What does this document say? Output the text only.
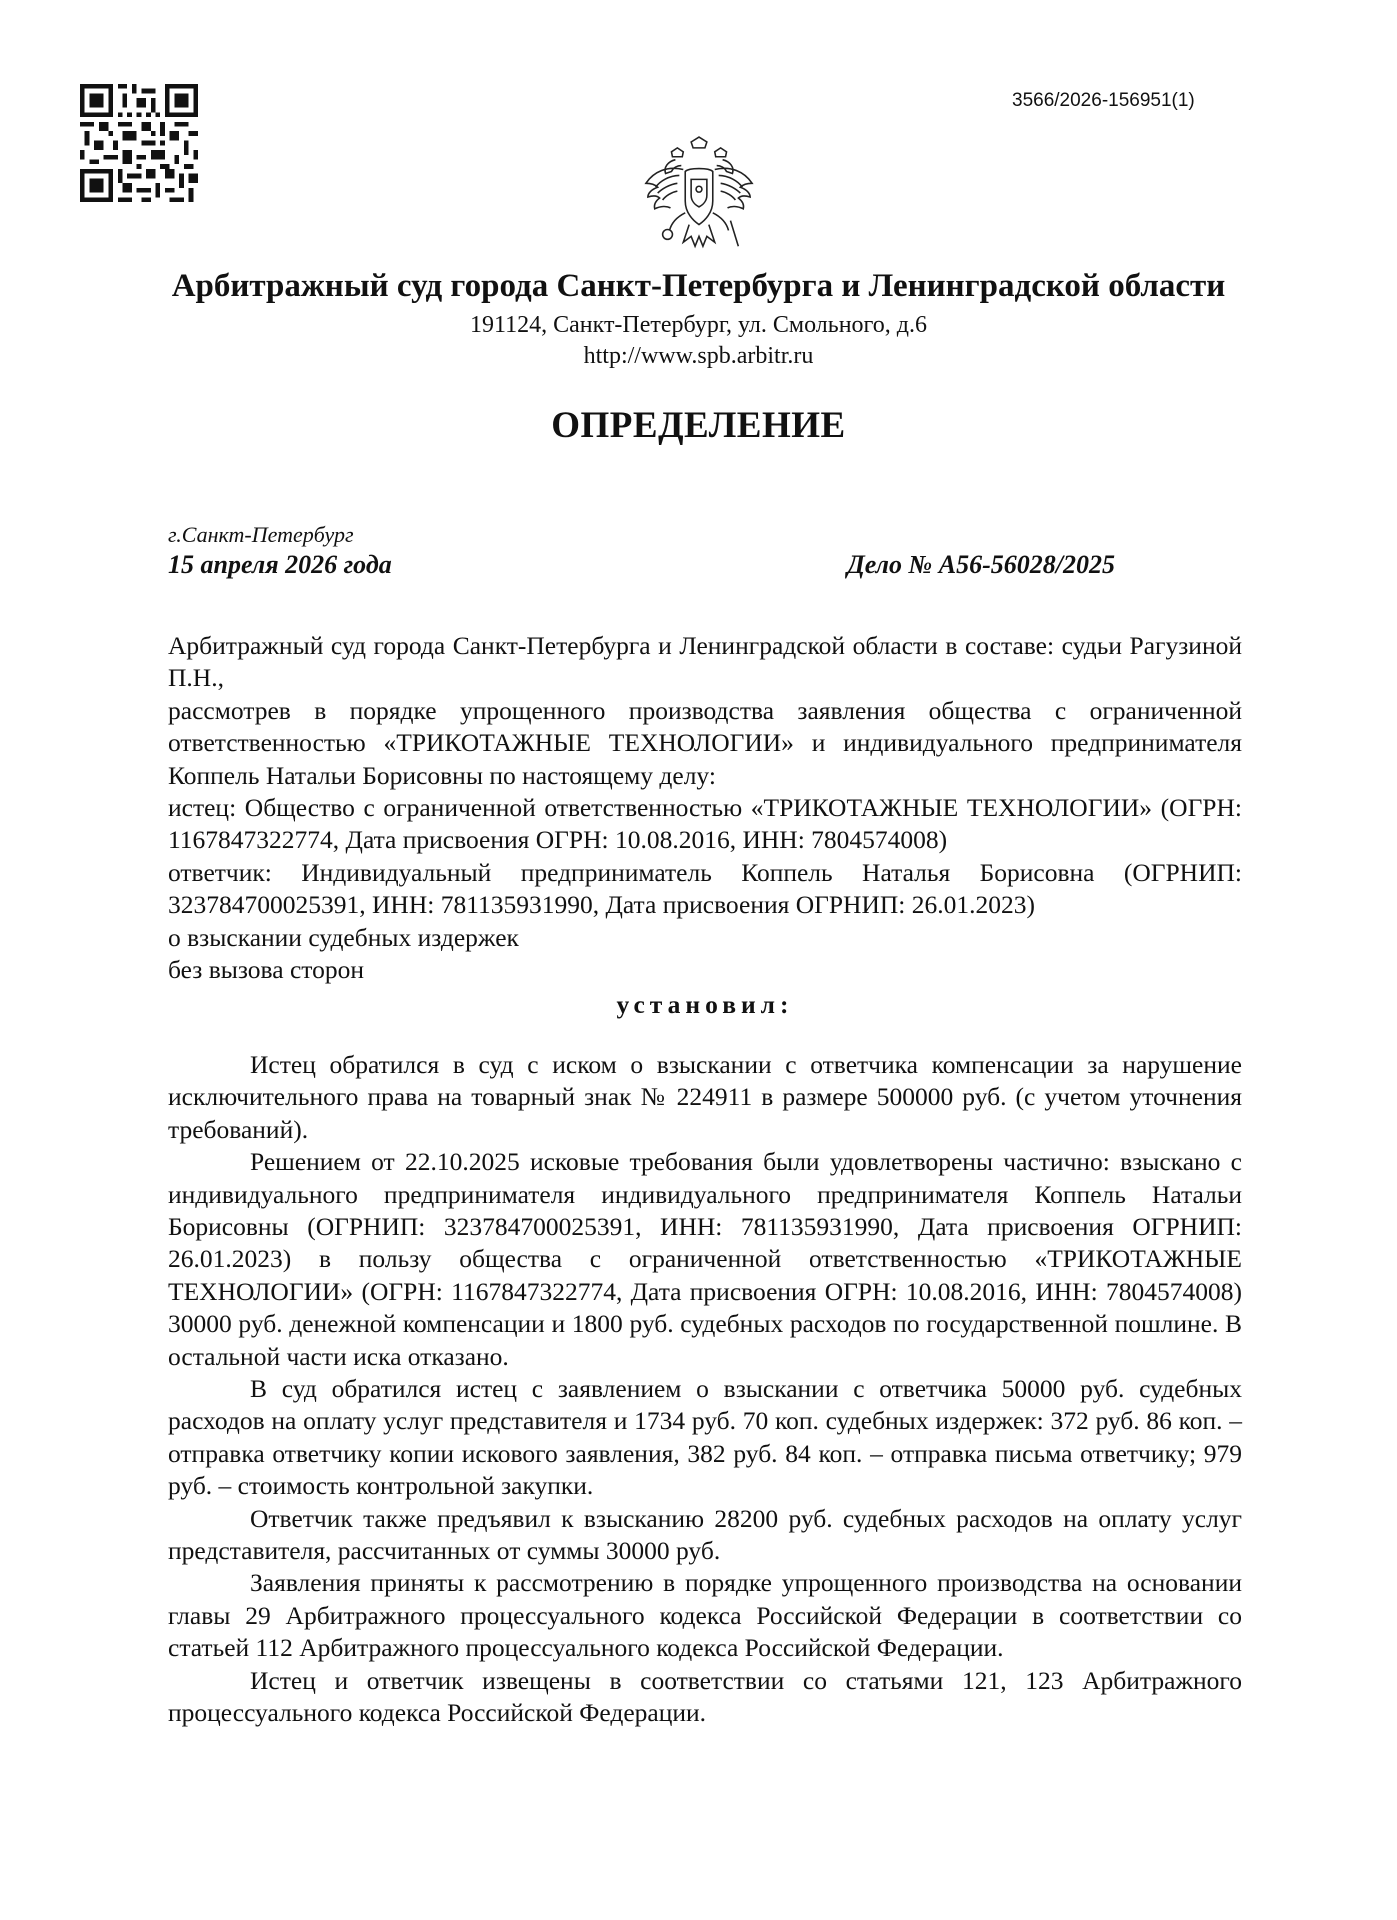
3566/2026-156951(1)
Арбитражный суд города Санкт-Петербурга и Ленинградской области
191124, Санкт-Петербург, ул. Смольного, д.6
http://www.spb.arbitr.ru
ОПРЕДЕЛЕНИЕ
г.Санкт-Петербург
15 апреля 2026 года	Дело № А56-56028/2025

Арбитражный суд города Санкт-Петербурга и Ленинградской области в составе: судьи Рагузиной П.Н.,

рассмотрев в порядке упрощенного производства заявления общества с ограниченной ответственностью «ТРИКОТАЖНЫЕ ТЕХНОЛОГИИ» и индивидуального предпринимателя Коппель Натальи Борисовны по настоящему делу:

истец: Общество с ограниченной ответственностью «ТРИКОТАЖНЫЕ ТЕХНОЛОГИИ» (ОГРН: 1167847322774, Дата присвоения ОГРН: 10.08.2016, ИНН: 7804574008)

ответчик: Индивидуальный предприниматель Коппель Наталья Борисовна (ОГРНИП: 323784700025391, ИНН: 781135931990, Дата присвоения ОГРНИП: 26.01.2023)

о взыскании судебных издержек

без вызова сторон

установил:

Истец обратился в суд с иском о взыскании с ответчика компенсации за нарушение исключительного права на товарный знак № 224911 в размере 500000 руб. (с учетом уточнения требований).

Решением от 22.10.2025 исковые требования были удовлетворены частично: взыскано с индивидуального предпринимателя индивидуального предпринимателя Коппель Натальи Борисовны (ОГРНИП: 323784700025391, ИНН: 781135931990, Дата присвоения ОГРНИП: 26.01.2023) в пользу общества с ограниченной ответственностью «ТРИКОТАЖНЫЕ ТЕХНОЛОГИИ» (ОГРН: 1167847322774, Дата присвоения ОГРН: 10.08.2016, ИНН: 7804574008) 30000 руб. денежной компенсации и 1800 руб. судебных расходов по государственной пошлине. В остальной части иска отказано.

В суд обратился истец с заявлением о взыскании с ответчика 50000 руб. судебных расходов на оплату услуг представителя и 1734 руб. 70 коп. судебных издержек: 372 руб. 86 коп. – отправка ответчику копии искового заявления, 382 руб. 84 коп. – отправка письма ответчику; 979 руб. – стоимость контрольной закупки.

Ответчик также предъявил к взысканию 28200 руб. судебных расходов на оплату услуг представителя, рассчитанных от суммы 30000 руб.

Заявления приняты к рассмотрению в порядке упрощенного производства на основании главы 29 Арбитражного процессуального кодекса Российской Федерации в соответствии со статьей 112 Арбитражного процессуального кодекса Российской Федерации.

Истец и ответчик извещены в соответствии со статьями 121, 123 Арбитражного процессуального кодекса Российской Федерации.
